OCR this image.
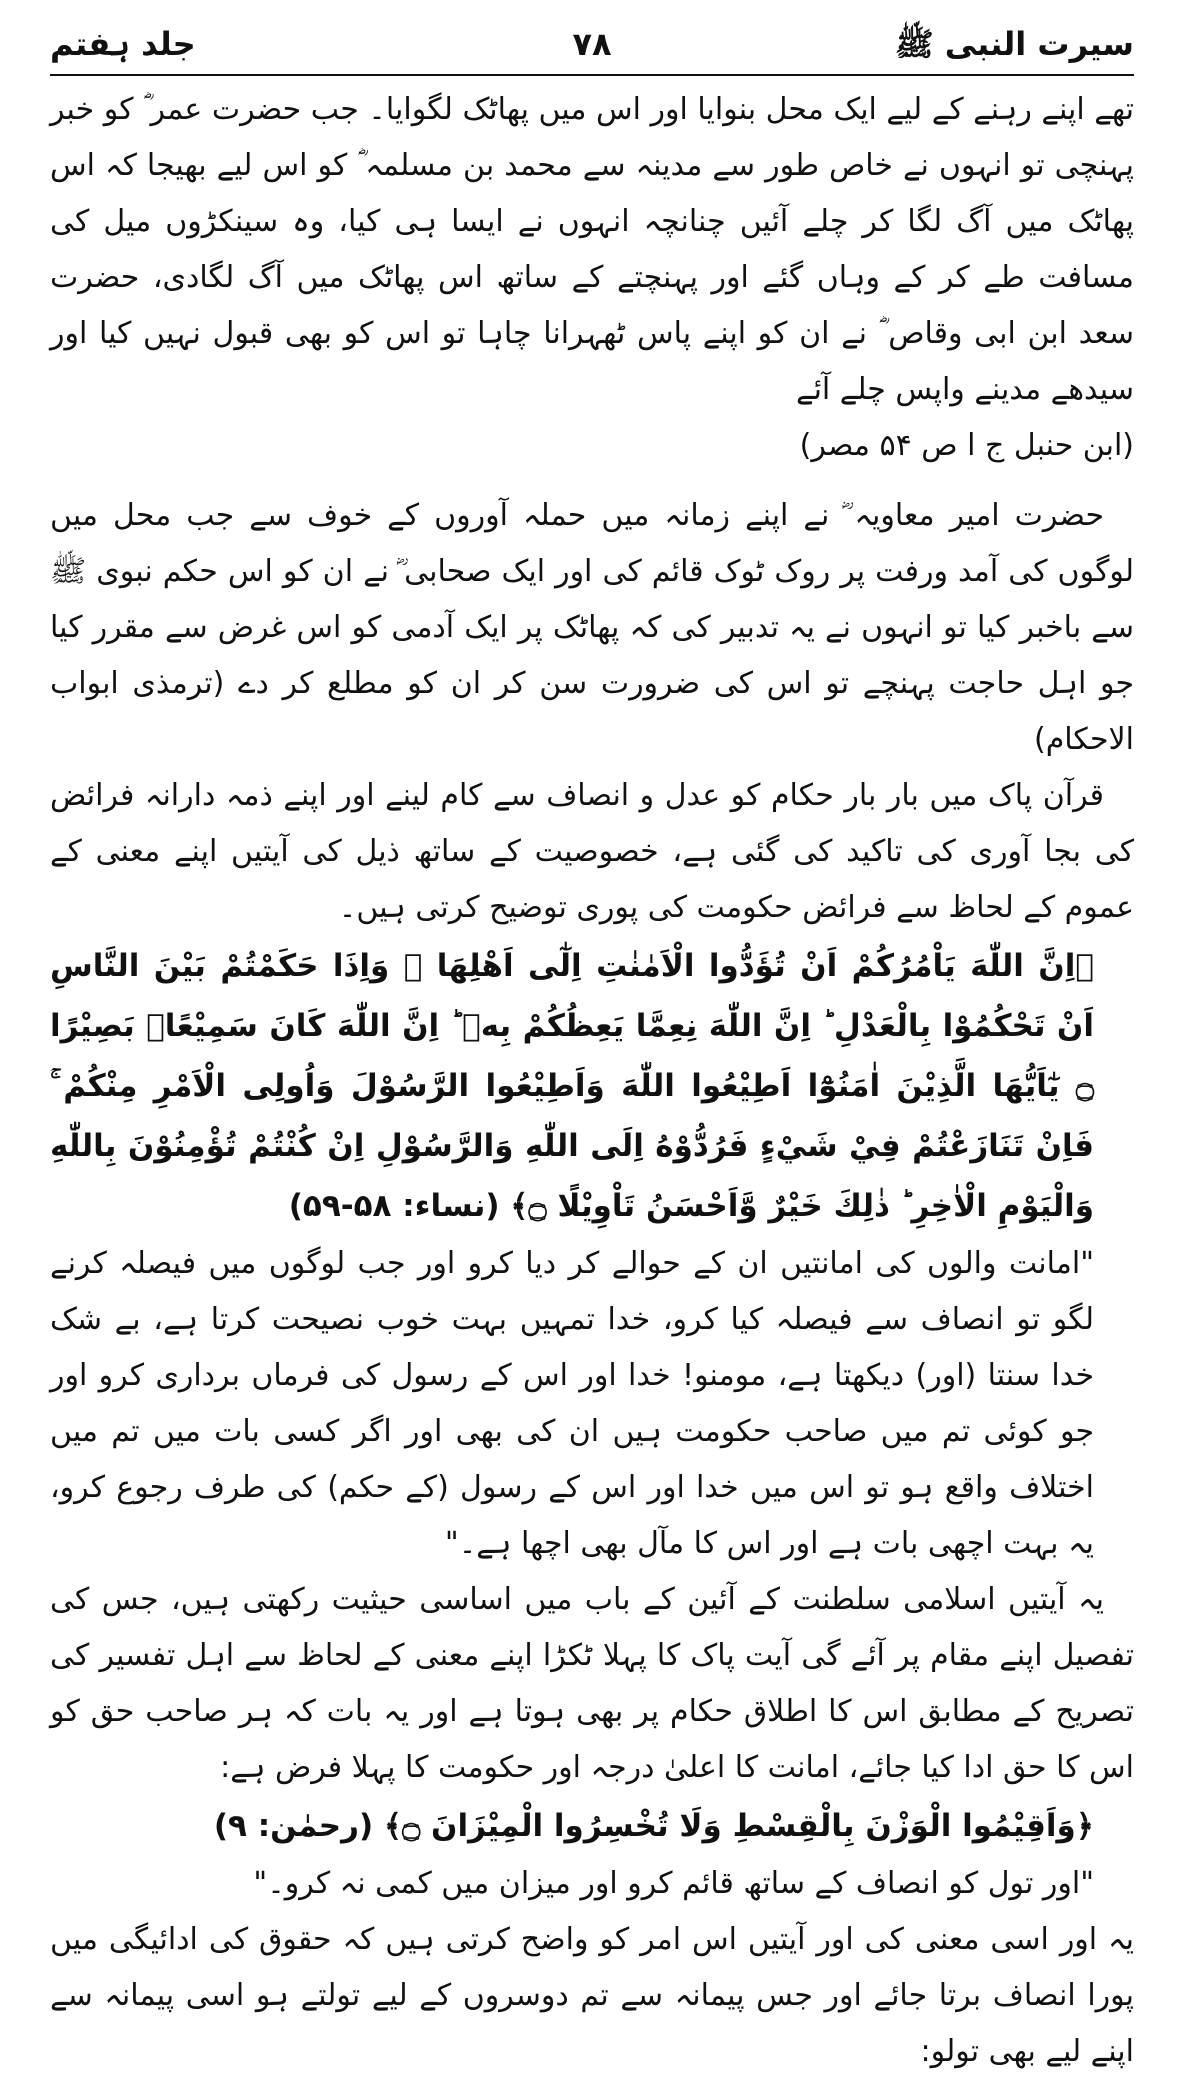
سیرت النبی ﷺ
۷۸
جلد ہفتم

تھے اپنے رہنے کے لیے ایک محل بنوایا اور اس میں پھاٹک لگوایا۔ جب حضرت عمر ؓ کو خبر پہنچی تو انہوں نے خاص طور سے مدینہ سے محمد بن مسلمہ ؓ کو اس لیے بھیجا کہ اس پھاٹک میں آگ لگا کر چلے آئیں چنانچہ انہوں نے ایسا ہی کیا، وہ سینکڑوں میل کی مسافت طے کر کے وہاں گئے اور پہنچتے کے ساتھ اس پھاٹک میں آگ لگادی، حضرت سعد ابن ابی وقاص ؓ نے ان کو اپنے پاس ٹھہرانا چاہا تو اس کو بھی قبول نہیں کیا اور سیدھے مدینے واپس چلے آئے

(ابن حنبل ج ا ص ۵۴ مصر)

حضرت امیر معاویہ ؓ نے اپنے زمانہ میں حملہ آوروں کے خوف سے جب محل میں لوگوں کی آمد ورفت پر روک ٹوک قائم کی اور ایک صحابی ؓ نے ان کو اس حکم نبوی ﷺ سے باخبر کیا تو انہوں نے یہ تدبیر کی کہ پھاٹک پر ایک آدمی کو اس غرض سے مقرر کیا جو اہل حاجت پہنچے تو اس کی ضرورت سن کر ان کو مطلع کر دے (ترمذی ابواب الاحکام)

قرآن پاک میں بار بار حکام کو عدل و انصاف سے کام لینے اور اپنے ذمہ دارانہ فرائض کی بجا آوری کی تاکید کی گئی ہے، خصوصیت کے ساتھ ذیل کی آیتیں اپنے معنی کے عموم کے لحاظ سے فرائض حکومت کی پوری توضیح کرتی ہیں۔

﴿اِنَّ اللّٰهَ يَاْمُرُكُمْ اَنْ تُؤَدُّوا الْاَمٰنٰتِ اِلٰٓى اَهْلِهَا ۙ وَاِذَا حَكَمْتُمْ بَيْنَ النَّاسِ اَنْ تَحْكُمُوْا بِالْعَدْلِ ؕ اِنَّ اللّٰهَ نِعِمَّا يَعِظُكُمْ بِهٖ ؕ اِنَّ اللّٰهَ كَانَ سَمِيْعًاۢ بَصِيْرًا ۝ يٰٓاَيُّهَا الَّذِيْنَ اٰمَنُوْٓا اَطِيْعُوا اللّٰهَ وَاَطِيْعُوا الرَّسُوْلَ وَاُولِى الْاَمْرِ مِنْكُمْ ۚ فَاِنْ تَنَازَعْتُمْ فِيْ شَيْءٍ فَرُدُّوْهُ اِلَى اللّٰهِ وَالرَّسُوْلِ اِنْ كُنْتُمْ تُؤْمِنُوْنَ بِاللّٰهِ وَالْيَوْمِ الْاٰخِرِ ؕ ذٰلِكَ خَيْرٌ وَّاَحْسَنُ تَاْوِيْلًا ۝﴾ (نساء: ۵۸-۵۹)

"امانت والوں کی امانتیں ان کے حوالے کر دیا کرو اور جب لوگوں میں فیصلہ کرنے لگو تو انصاف سے فیصلہ کیا کرو، خدا تمہیں بہت خوب نصیحت کرتا ہے، بے شک خدا سنتا (اور) دیکھتا ہے، مومنو! خدا اور اس کے رسول کی فرماں برداری کرو اور جو کوئی تم میں صاحب حکومت ہیں ان کی بھی اور اگر کسی بات میں تم میں اختلاف واقع ہو تو اس میں خدا اور اس کے رسول (کے حکم) کی طرف رجوع کرو، یہ بہت اچھی بات ہے اور اس کا مآل بھی اچھا ہے۔"

یہ آیتیں اسلامی سلطنت کے آئین کے باب میں اساسی حیثیت رکھتی ہیں، جس کی تفصیل اپنے مقام پر آئے گی آیت پاک کا پہلا ٹکڑا اپنے معنی کے لحاظ سے اہل تفسیر کی تصریح کے مطابق اس کا اطلاق حکام پر بھی ہوتا ہے اور یہ بات کہ ہر صاحب حق کو اس کا حق ادا کیا جائے، امانت کا اعلیٰ درجہ اور حکومت کا پہلا فرض ہے:

﴿وَاَقِيْمُوا الْوَزْنَ بِالْقِسْطِ وَلَا تُخْسِرُوا الْمِيْزَانَ ۝﴾ (رحمٰن: ۹)

"اور تول کو انصاف کے ساتھ قائم کرو اور میزان میں کمی نہ کرو۔"

یہ اور اسی معنی کی اور آیتیں اس امر کو واضح کرتی ہیں کہ حقوق کی ادائیگی میں پورا انصاف برتا جائے اور جس پیمانہ سے تم دوسروں کے لیے تولتے ہو اسی پیمانہ سے اپنے لیے بھی تولو:
